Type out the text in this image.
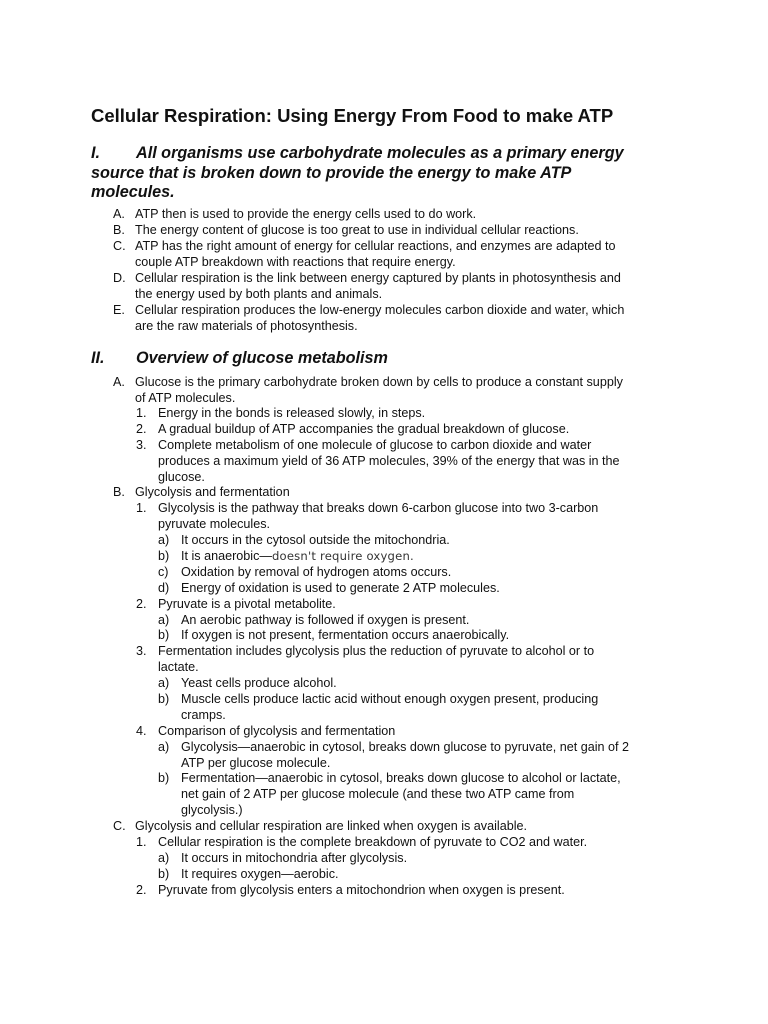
Cellular Respiration: Using Energy From Food to make ATP
I. All organisms use carbohydrate molecules as a primary energy
source that is broken down to provide the energy to make ATP
molecules.
A. ATP then is used to provide the energy cells used to do work.
B. The energy content of glucose is too great to use in individual cellular reactions.
C. ATP has the right amount of energy for cellular reactions, and enzymes are adapted to
couple ATP breakdown with reactions that require energy.
D. Cellular respiration is the link between energy captured by plants in photosynthesis and
the energy used by both plants and animals.
E. Cellular respiration produces the low-energy molecules carbon dioxide and water, which
are the raw materials of photosynthesis.
II. Overview of glucose metabolism
A. Glucose is the primary carbohydrate broken down by cells to produce a constant supply
of ATP molecules.
1. Energy in the bonds is released slowly, in steps.
2. A gradual buildup of ATP accompanies the gradual breakdown of glucose.
3. Complete metabolism of one molecule of glucose to carbon dioxide and water
produces a maximum yield of 36 ATP molecules, 39% of the energy that was in the
glucose.
B. Glycolysis and fermentation
1. Glycolysis is the pathway that breaks down 6-carbon glucose into two 3-carbon
pyruvate molecules.
a) It occurs in the cytosol outside the mitochondria.
b) It is anaerobic—doesn't require oxygen.
c) Oxidation by removal of hydrogen atoms occurs.
d) Energy of oxidation is used to generate 2 ATP molecules.
2. Pyruvate is a pivotal metabolite.
a) An aerobic pathway is followed if oxygen is present.
b) If oxygen is not present, fermentation occurs anaerobically.
3. Fermentation includes glycolysis plus the reduction of pyruvate to alcohol or to
lactate.
a) Yeast cells produce alcohol.
b) Muscle cells produce lactic acid without enough oxygen present, producing
cramps.
4. Comparison of glycolysis and fermentation
a) Glycolysis—anaerobic in cytosol, breaks down glucose to pyruvate, net gain of 2
ATP per glucose molecule.
b) Fermentation—anaerobic in cytosol, breaks down glucose to alcohol or lactate,
net gain of 2 ATP per glucose molecule (and these two ATP came from
glycolysis.)
C. Glycolysis and cellular respiration are linked when oxygen is available.
1. Cellular respiration is the complete breakdown of pyruvate to CO2 and water.
a) It occurs in mitochondria after glycolysis.
b) It requires oxygen—aerobic.
2. Pyruvate from glycolysis enters a mitochondrion when oxygen is present.
